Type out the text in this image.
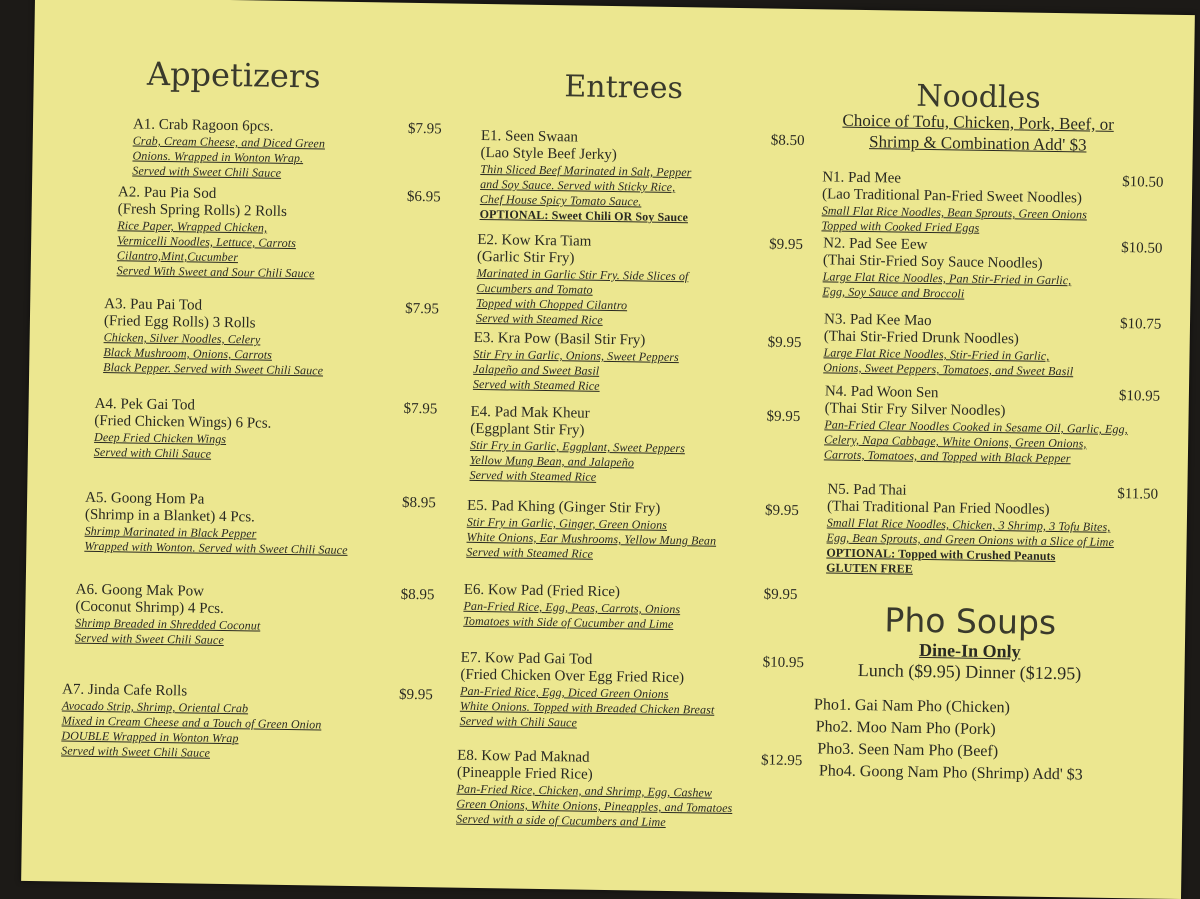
Appetizers
A1. Crab Ragoon 6pcs.	$7.95
Crab, Cream Cheese, and Diced Green
Onions. Wrapped in Wonton Wrap.
Served with Sweet Chili Sauce
A2. Pau Pia Sod	$6.95
(Fresh Spring Rolls) 2 Rolls
Rice Paper, Wrapped Chicken,
Vermicelli Noodles, Lettuce, Carrots
Cilantro,Mint,Cucumber
Served With Sweet and Sour Chili Sauce
A3. Pau Pai Tod	$7.95
(Fried Egg Rolls) 3 Rolls
Chicken, Silver Noodles, Celery
Black Mushroom, Onions, Carrots
Black Pepper. Served with Sweet Chili Sauce
A4. Pek Gai Tod	$7.95
(Fried Chicken Wings) 6 Pcs.
Deep Fried Chicken Wings
Served with Chili Sauce
A5. Goong Hom Pa	$8.95
(Shrimp in a Blanket) 4 Pcs.
Shrimp Marinated in Black Pepper
Wrapped with Wonton. Served with Sweet Chili Sauce
A6. Goong Mak Pow	$8.95
(Coconut Shrimp) 4 Pcs.
Shrimp Breaded in Shredded Coconut
Served with Sweet Chili Sauce
A7. Jinda Cafe Rolls	$9.95
Avocado Strip, Shrimp, Oriental Crab
Mixed in Cream Cheese and a Touch of Green Onion
DOUBLE Wrapped in Wonton Wrap
Served with Sweet Chili Sauce
Entrees
E1. Seen Swaan	$8.50
(Lao Style Beef Jerky)
Thin Sliced Beef Marinated in Salt, Pepper
and Soy Sauce. Served with Sticky Rice,
Chef House Spicy Tomato Sauce.
OPTIONAL: Sweet Chili OR Soy Sauce
E2. Kow Kra Tiam	$9.95
(Garlic Stir Fry)
Marinated in Garlic Stir Fry. Side Slices of
Cucumbers and Tomato
Topped with Chopped Cilantro
Served with Steamed Rice
E3. Kra Pow (Basil Stir Fry)	$9.95
Stir Fry in Garlic, Onions, Sweet Peppers
Jalapeño and Sweet Basil
Served with Steamed Rice
E4. Pad Mak Kheur	$9.95
(Eggplant Stir Fry)
Stir Fry in Garlic, Eggplant, Sweet Peppers
Yellow Mung Bean, and Jalapeño
Served with Steamed Rice
E5. Pad Khing (Ginger Stir Fry)	$9.95
Stir Fry in Garlic, Ginger, Green Onions
White Onions, Ear Mushrooms, Yellow Mung Bean
Served with Steamed Rice
E6. Kow Pad (Fried Rice)	$9.95
Pan-Fried Rice, Egg, Peas, Carrots, Onions
Tomatoes with Side of Cucumber and Lime
E7. Kow Pad Gai Tod	$10.95
(Fried Chicken Over Egg Fried Rice)
Pan-Fried Rice, Egg, Diced Green Onions
White Onions. Topped with Breaded Chicken Breast
Served with Chili Sauce
E8. Kow Pad Maknad	$12.95
(Pineapple Fried Rice)
Pan-Fried Rice, Chicken, and Shrimp, Egg, Cashew
Green Onions, White Onions, Pineapples, and Tomatoes
Served with a side of Cucumbers and Lime
Noodles
Choice of Tofu, Chicken, Pork, Beef, or
Shrimp & Combination Add' $3
N1. Pad Mee	$10.50
(Lao Traditional Pan-Fried Sweet Noodles)
Small Flat Rice Noodles, Bean Sprouts, Green Onions
Topped with Cooked Fried Eggs
N2. Pad See Eew	$10.50
(Thai Stir-Fried Soy Sauce Noodles)
Large Flat Rice Noodles, Pan Stir-Fried in Garlic,
Egg, Soy Sauce and Broccoli
N3. Pad Kee Mao	$10.75
(Thai Stir-Fried Drunk Noodles)
Large Flat Rice Noodles, Stir-Fried in Garlic,
Onions, Sweet Peppers, Tomatoes, and Sweet Basil
N4. Pad Woon Sen	$10.95
(Thai Stir Fry Silver Noodles)
Pan-Fried Clear Noodles Cooked in Sesame Oil, Garlic, Egg,
Celery, Napa Cabbage, White Onions, Green Onions,
Carrots, Tomatoes, and Topped with Black Pepper
N5. Pad Thai	$11.50
(Thai Traditional Pan Fried Noodles)
Small Flat Rice Noodles, Chicken, 3 Shrimp, 3 Tofu Bites,
Egg, Bean Sprouts, and Green Onions with a Slice of Lime
OPTIONAL: Topped with Crushed Peanuts
GLUTEN FREE
Pho Soups
Dine-In Only
Lunch ($9.95) Dinner ($12.95)
Pho1. Gai Nam Pho (Chicken)
Pho2. Moo Nam Pho (Pork)
Pho3. Seen Nam Pho (Beef)
Pho4. Goong Nam Pho (Shrimp) Add' $3
